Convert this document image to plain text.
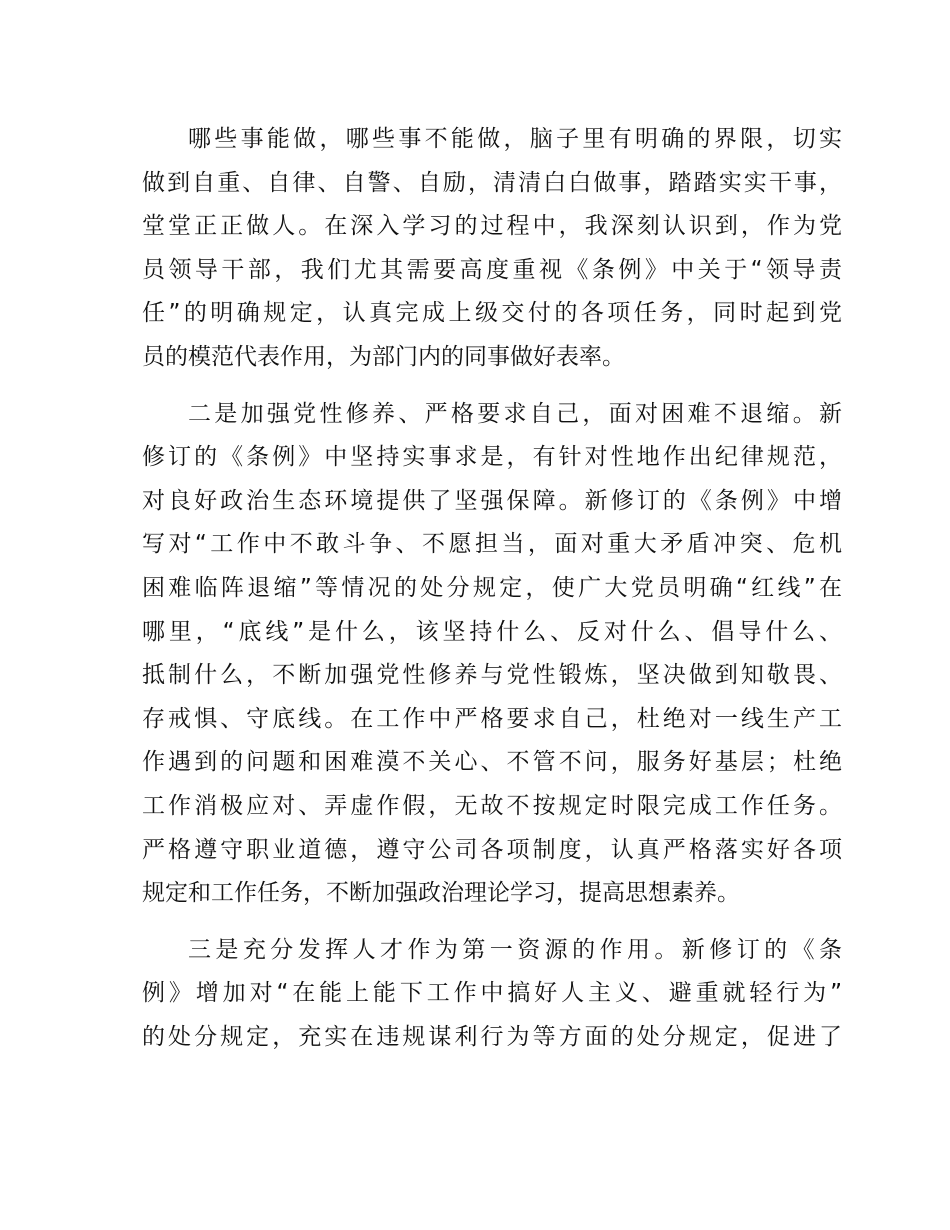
哪些事能做，哪些事不能做，脑子里有明确的界限，切实
做到自重、自律、自警、自励，清清白白做事，踏踏实实干事，
堂堂正正做人。在深入学习的过程中，我深刻认识到，作为党
员领导干部，我们尤其需要高度重视《条例》中关于“领导责
任”的明确规定，认真完成上级交付的各项任务，同时起到党
员的模范代表作用，为部门内的同事做好表率。
二是加强党性修养、严格要求自己，面对困难不退缩。新
修订的《条例》中坚持实事求是，有针对性地作出纪律规范，
对良好政治生态环境提供了坚强保障。新修订的《条例》中增
写对“工作中不敢斗争、不愿担当，面对重大矛盾冲突、危机
困难临阵退缩”等情况的处分规定，使广大党员明确“红线”在
哪里，“底线”是什么，该坚持什么、反对什么、倡导什么、
抵制什么，不断加强党性修养与党性锻炼，坚决做到知敬畏、
存戒惧、守底线。在工作中严格要求自己，杜绝对一线生产工
作遇到的问题和困难漠不关心、不管不问，服务好基层；杜绝
工作消极应对、弄虚作假，无故不按规定时限完成工作任务。
严格遵守职业道德，遵守公司各项制度，认真严格落实好各项
规定和工作任务，不断加强政治理论学习，提高思想素养。
三是充分发挥人才作为第一资源的作用。新修订的《条
例》增加对“在能上能下工作中搞好人主义、避重就轻行为”
的处分规定，充实在违规谋利行为等方面的处分规定，促进了
